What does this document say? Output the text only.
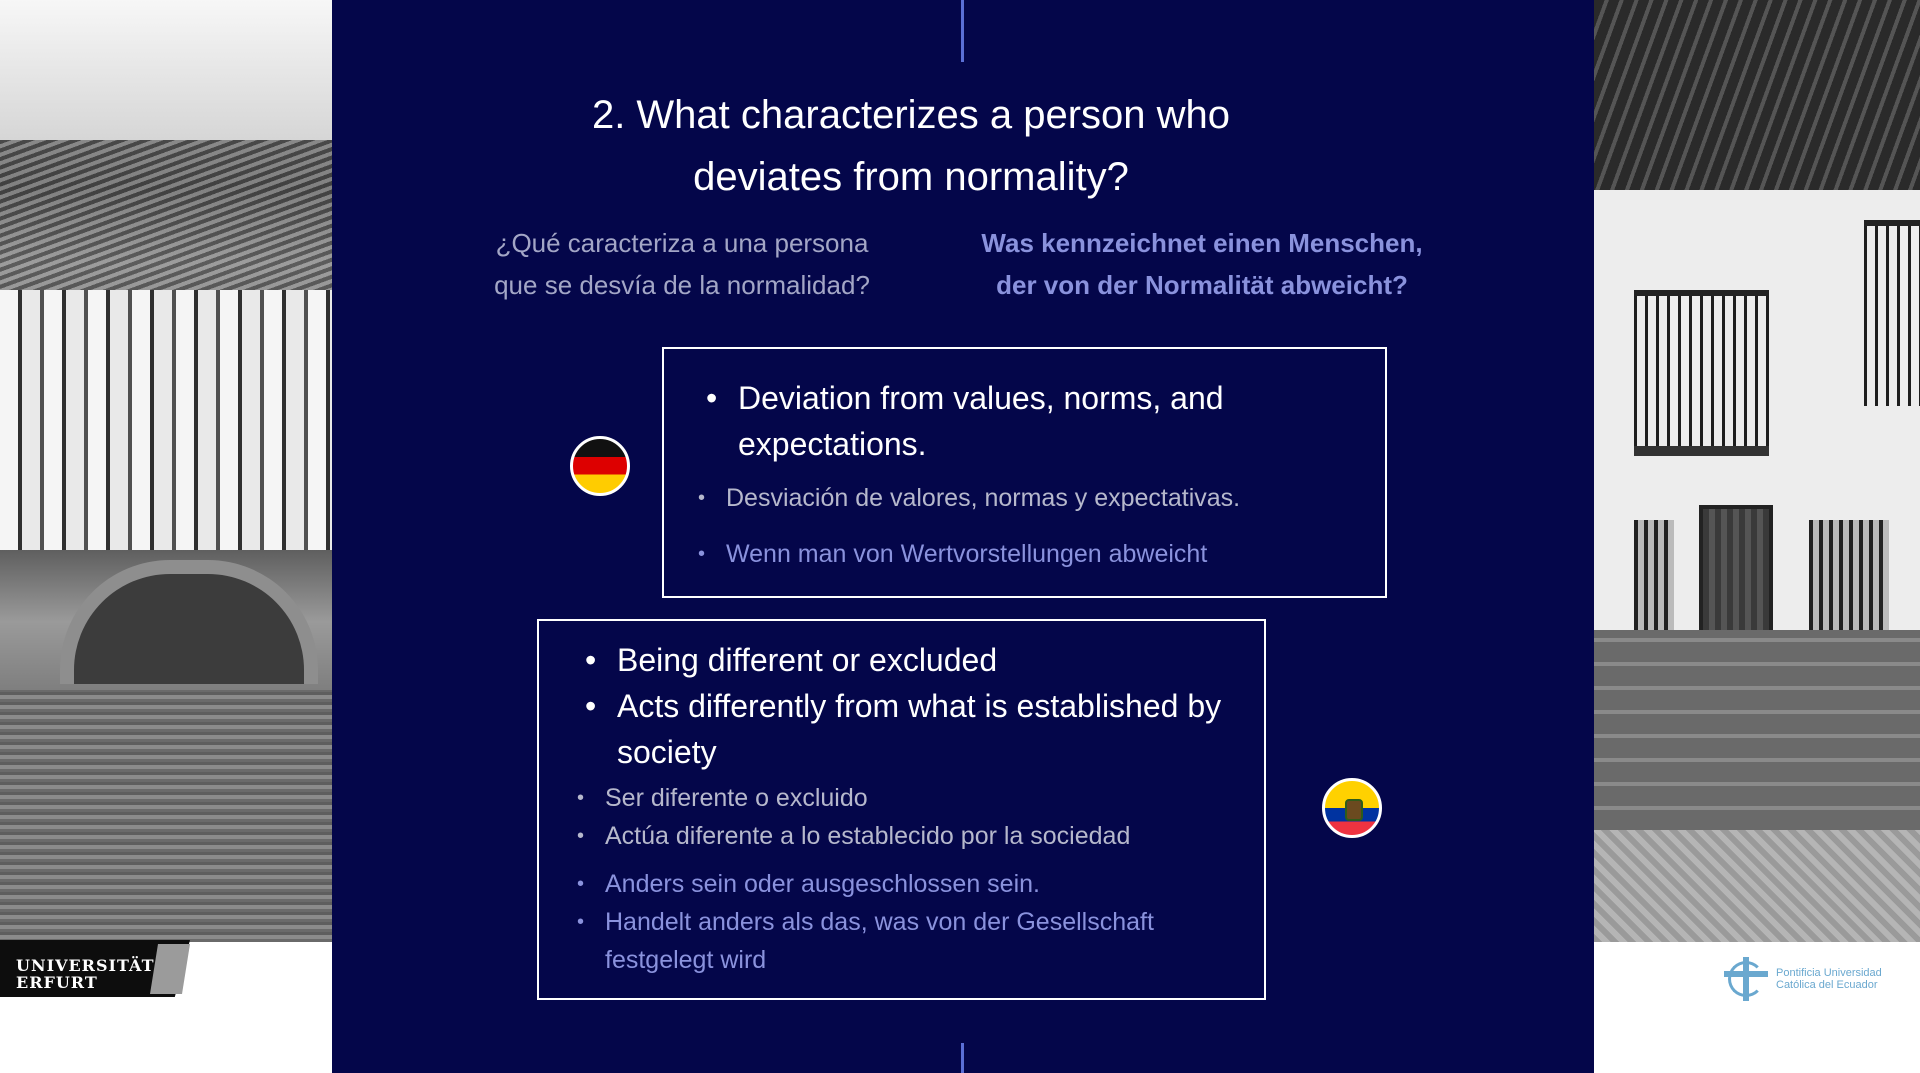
UNIVERSITÄT
ERFURT	Pontificia Universidad
Católica del Ecuador
2. What characterizes a person who
deviates from normality?
¿Qué caracteriza a una persona
que se desvía de la normalidad?
Was kennzeichnet einen Menschen,
der von der Normalität abweicht?
• Deviation from values, norms, and expectations.
• Desviación de valores, normas y expectativas.
• Wenn man von Wertvorstellungen abweicht
• Being different or excluded
• Acts differently from what is established by society
• Ser diferente o excluido
• Actúa diferente a lo establecido por la sociedad
• Anders sein oder ausgeschlossen sein.
• Handelt anders als das, was von der Gesellschaft festgelegt wird
